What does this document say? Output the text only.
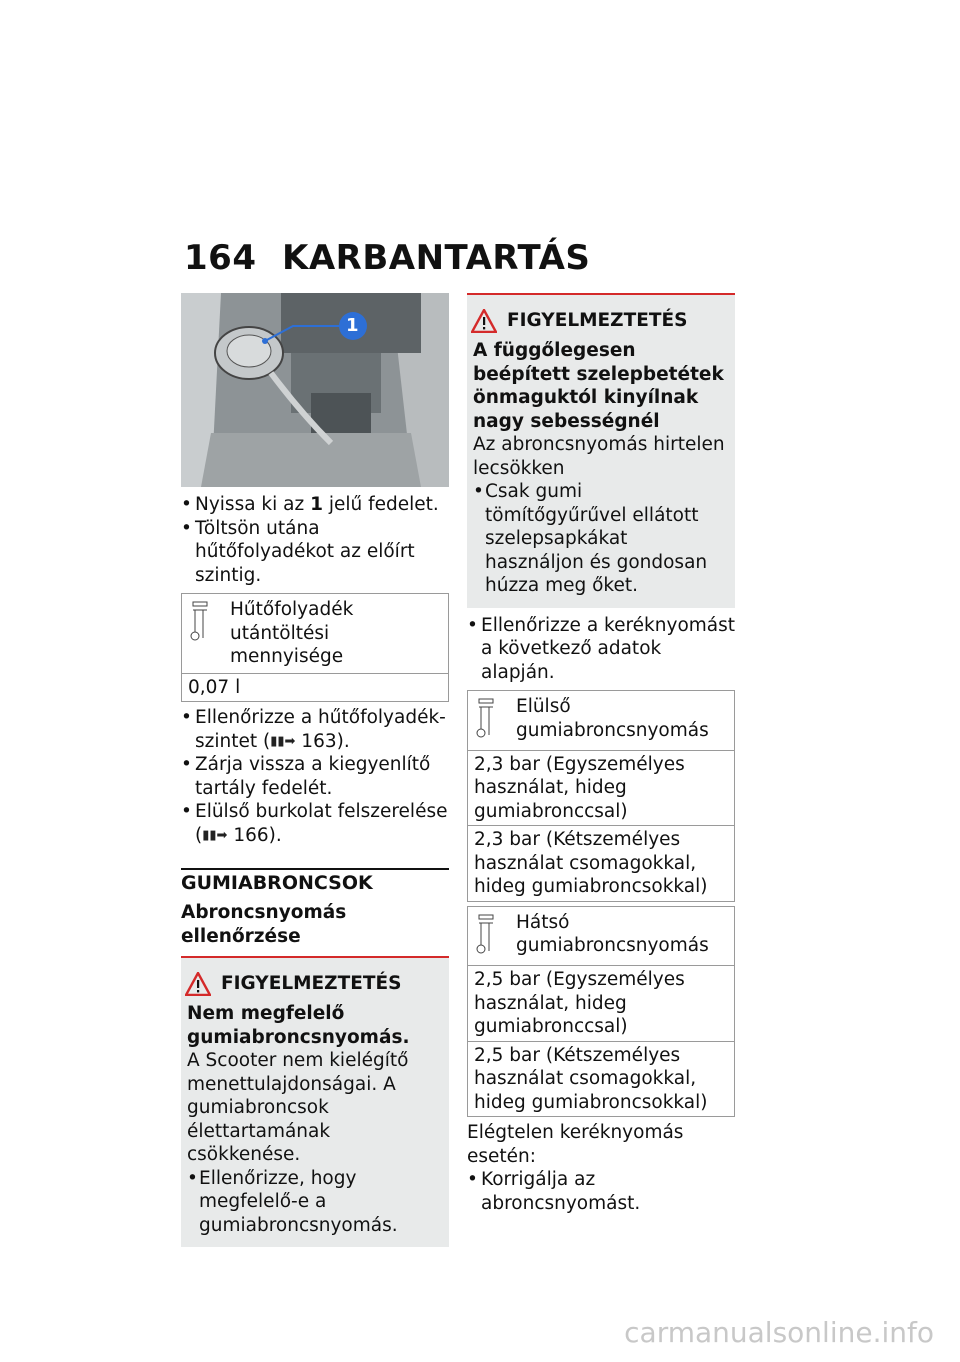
164 KARBANTARTÁS
1
• Nyissa ki az 1 jelű fedelet.
• Töltsön utána hűtőfolyadékot az előírt szintig.
Hűtőfolyadék utántöltési mennyisége
0,07 l
• Ellenőrizze a hűtőfolyadék-szintet (▮▮➡ 163).
• Zárja vissza a kiegyenlítő tartály fedelét.
• Elülső burkolat felszerelése (▮▮➡ 166).
GUMIABRONCSOK
Abroncsnyomás ellenőrzése
FIGYELMEZTETÉS
Nem megfelelő gumiabroncsnyomás.
A Scooter nem kielégítő menettulajdonságai. A gumiabroncsok élettartamának csökkenése.
• Ellenőrizze, hogy megfelelő-e a gumiabroncsnyomás.
FIGYELMEZTETÉS
A függőlegesen beépített szelepbetétek önmaguktól kinyílnak nagy sebességnél
Az abroncsnyomás hirtelen lecsökken
• Csak gumi tömítőgyűrűvel ellátott szelepsapkákat használjon és gondosan húzza meg őket.
• Ellenőrizze a keréknyomást a következő adatok alapján.
Elülső gumiabroncsnyomás
2,3 bar (Egyszemélyes használat, hideg gumiabronccsal)
2,3 bar (Kétszemélyes használat csomagokkal, hideg gumiabroncsokkal)
Hátsó gumiabroncsnyomás
2,5 bar (Egyszemélyes használat, hideg gumiabronccsal)
2,5 bar (Kétszemélyes használat csomagokkal, hideg gumiabroncsokkal)
Elégtelen keréknyomás esetén:
• Korrigálja az abroncsnyomást.
carmanualsonline.info
